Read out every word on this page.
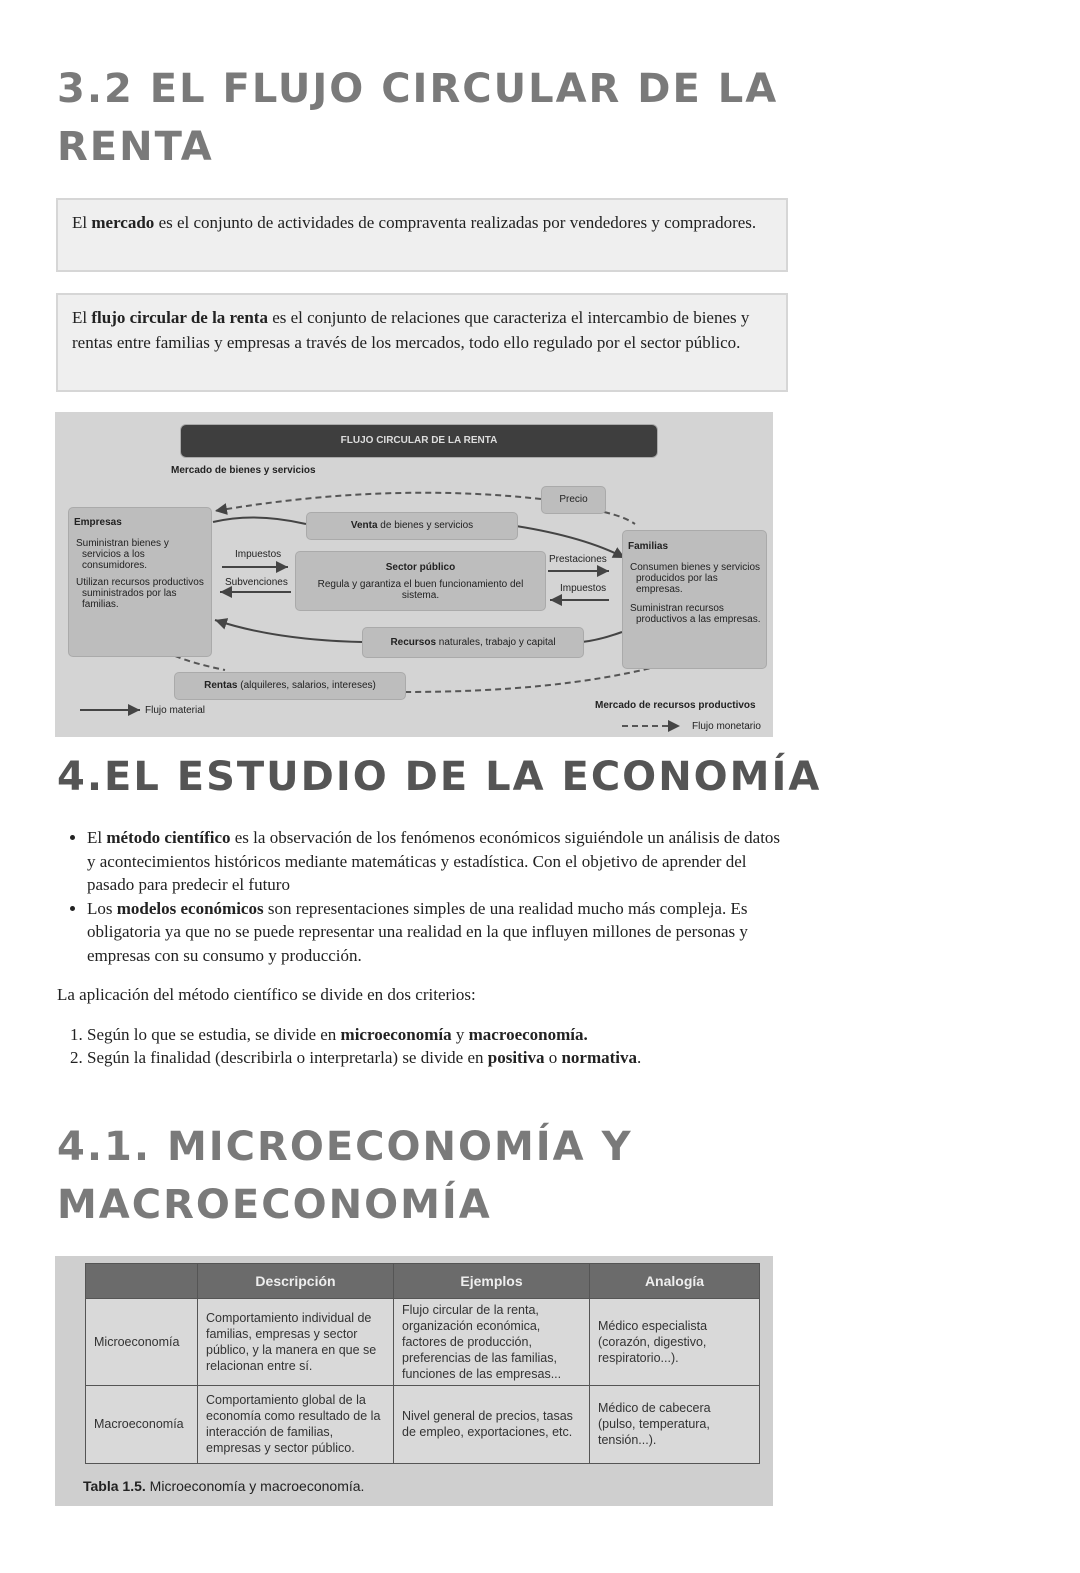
3.2 EL FLUJO CIRCULAR DE LA
RENTA
El mercado es el conjunto de actividades de compraventa realizadas por vendedores y compradores.
El flujo circular de la renta es el conjunto de relaciones que caracteriza el intercambio de bienes y rentas entre familias y empresas a través de los mercados, todo ello regulado por el sector público.
FLUJO CIRCULAR DE LA RENTA
Mercado de bienes y servicios
Precio
Empresas
Suministran bienes y servicios a los consumidores.
Utilizan recursos productivos suministrados por las familias.
Venta de bienes y servicios
Sector público
Regula y garantiza el buen funcionamiento del sistema.
Impuestos
Subvenciones
Prestaciones
Impuestos
Familias
Consumen bienes y servicios producidos por las empresas.
Suministran recursos productivos a las empresas.
Recursos naturales, trabajo y capital
Rentas (alquileres, salarios, intereses)
Flujo material	Mercado de recursos productivos
Flujo monetario
4.EL ESTUDIO DE LA ECONOMÍA
• El método científico es la observación de los fenómenos económicos siguiéndole un análisis de datos y acontecimientos históricos mediante matemáticas y estadística. Con el objetivo de aprender del pasado para predecir el futuro
• Los modelos económicos son representaciones simples de una realidad mucho más compleja. Es obligatoria ya que no se puede representar una realidad en la que influyen millones de personas y empresas con su consumo y producción.

La aplicación del método científico se divide en dos criterios:

1. Según lo que se estudia, se divide en microeconomía y macroeconomía.
2. Según la finalidad (describirla o interpretarla) se divide en positiva o normativa.
4.1. MICROECONOMÍA Y
MACROECONOMÍA
	Descripción	Ejemplos	Analogía
Microeconomía	Comportamiento individual de familias, empresas y sector público, y la manera en que se relacionan entre sí.	Flujo circular de la renta, organización económica, factores de producción, preferencias de las familias, funciones de las empresas...	Médico especialista (corazón, digestivo, respiratorio...).
Macroeconomía	Comportamiento global de la economía como resultado de la interacción de familias, empresas y sector público.	Nivel general de precios, tasas de empleo, exportaciones, etc.	Médico de cabecera (pulso, temperatura, tensión...).
Tabla 1.5. Microeconomía y macroeconomía.
